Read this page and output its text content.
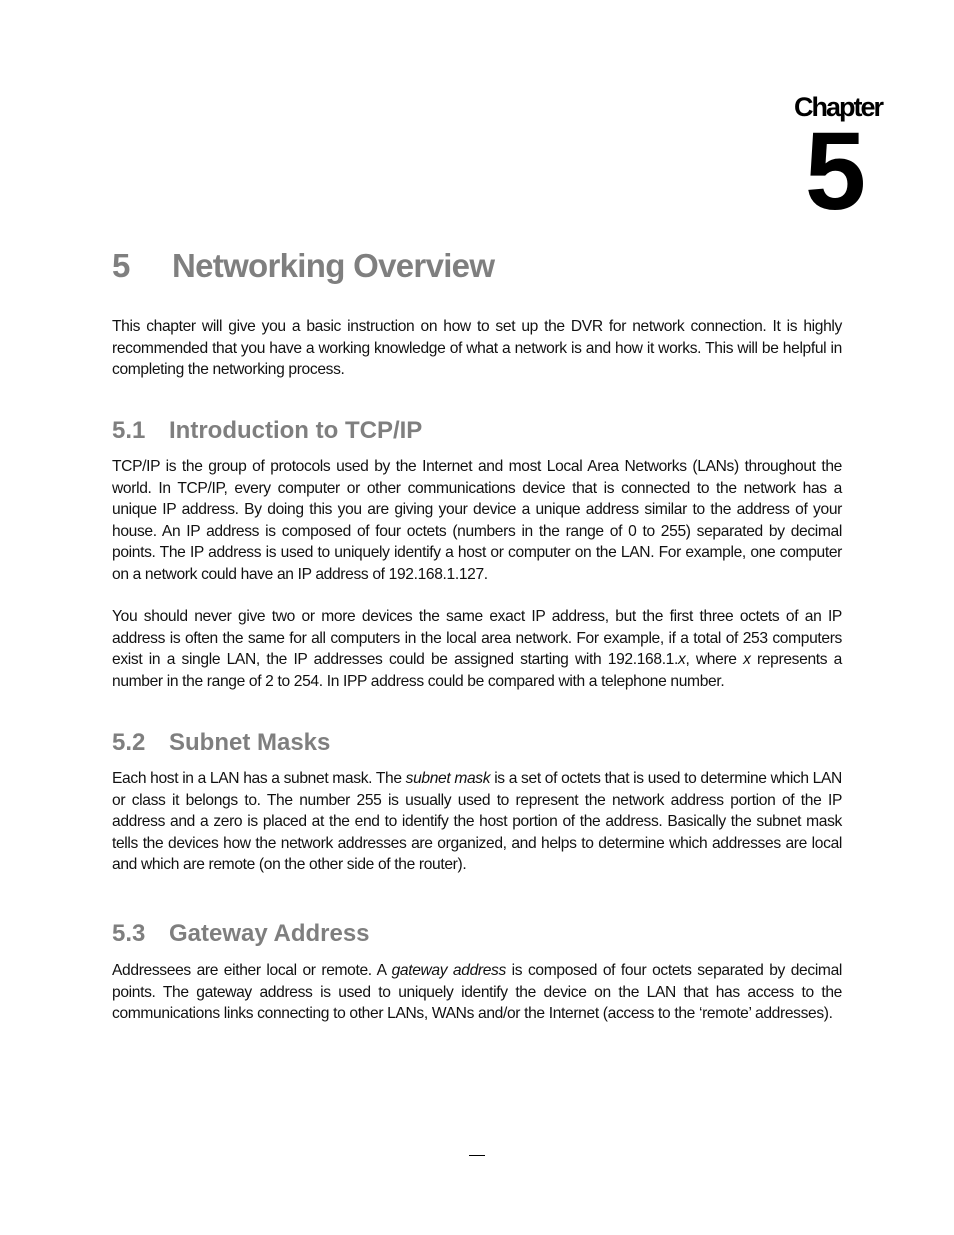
Chapter
5
5 Networking Overview

This chapter will give you a basic instruction on how to set up the DVR for network connection. It is highly recommended that you have a working knowledge of what a network is and how it works. This will be helpful in completing the networking process.

5.1 Introduction to TCP/IP

TCP/IP is the group of protocols used by the Internet and most Local Area Networks (LANs) throughout the world. In TCP/IP, every computer or other communications device that is connected to the network has a unique IP address. By doing this you are giving your device a unique address similar to the address of your house. An IP address is composed of four octets (numbers in the range of 0 to 255) separated by decimal points. The IP address is used to uniquely identify a host or computer on the LAN. For example, one computer on a network could have an IP address of 192.168.1.127.

You should never give two or more devices the same exact IP address, but the first three octets of an IP address is often the same for all computers in the local area network. For example, if a total of 253 computers exist in a single LAN, the IP addresses could be assigned starting with 192.168.1.x, where x represents a number in the range of 2 to 254. In IPP address could be compared with a telephone number.

5.2 Subnet Masks

Each host in a LAN has a subnet mask. The subnet mask is a set of octets that is used to determine which LAN or class it belongs to. The number 255 is usually used to represent the network address portion of the IP address and a zero is placed at the end to identify the host portion of the address. Basically the subnet mask tells the devices how the network addresses are organized, and helps to determine which addresses are local and which are remote (on the other side of the router).

5.3 Gateway Address

Addressees are either local or remote. A gateway address is composed of four octets separated by decimal points. The gateway address is used to uniquely identify the device on the LAN that has access to the communications links connecting to other LANs, WANs and/or the Internet (access to the ‘remote’ addresses).
